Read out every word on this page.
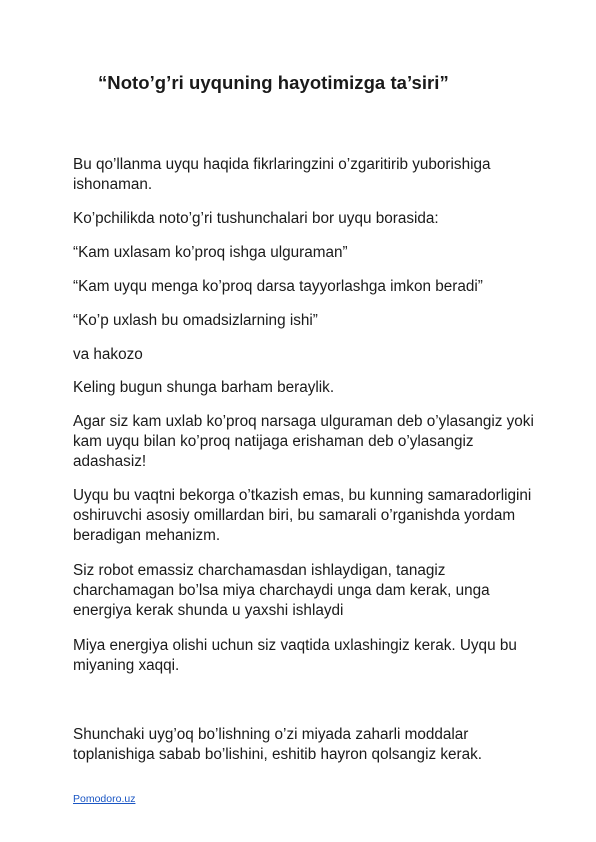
“Noto’g’ri uyquning hayotimizga ta’siri”

Bu qo’llanma uyqu haqida fikrlaringzini o’zgaritirib yuborishiga ishonaman.

Ko’pchilikda noto’g’ri tushunchalari bor uyqu borasida:

“Kam uxlasam ko’proq ishga ulguraman”

“Kam uyqu menga ko’proq darsa tayyorlashga imkon beradi”

“Ko’p uxlash bu omadsizlarning ishi”

va hakozo

Keling bugun shunga barham beraylik.

Agar siz kam uxlab ko’proq narsaga ulguraman deb o’ylasangiz yoki kam uyqu bilan ko’proq natijaga erishaman deb o’ylasangiz adashasiz!

Uyqu bu vaqtni bekorga o’tkazish emas, bu kunning samaradorligini oshiruvchi asosiy omillardan biri, bu samarali o’rganishda yordam beradigan mehanizm.

Siz robot emassiz charchamasdan ishlaydigan, tanagiz charchamagan bo’lsa miya charchaydi unga dam kerak, unga energiya kerak shunda u yaxshi ishlaydi

Miya energiya olishi uchun siz vaqtida uxlashingiz kerak. Uyqu bu miyaning xaqqi.

Shunchaki uyg’oq bo’lishning o’zi miyada zaharli moddalar toplanishiga sabab bo’lishini, eshitib hayron qolsangiz kerak.

Pomodoro.uz
